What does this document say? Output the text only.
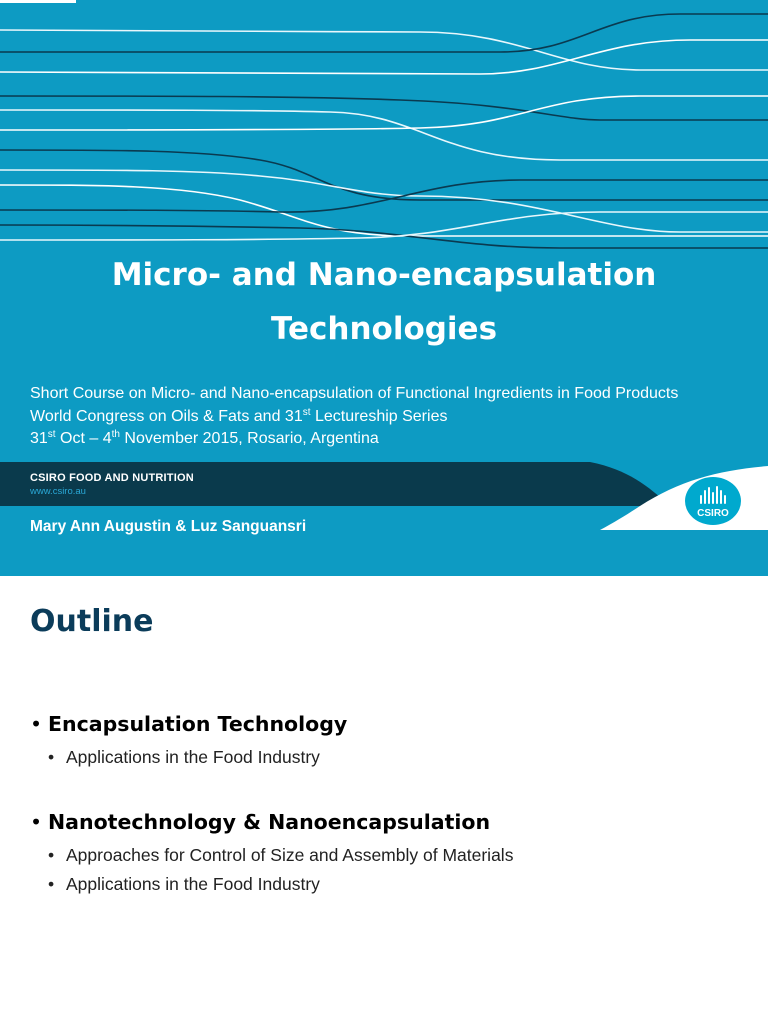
Micro- and Nano-encapsulation
Technologies
Short Course on Micro- and Nano-encapsulation of Functional Ingredients in Food Products
World Congress on Oils & Fats and 31st Lectureship Series
31st Oct – 4th November 2015, Rosario, Argentina
CSIRO FOOD AND NUTRITION
www.csiro.au
Mary Ann Augustin & Luz Sanguansri
CSIRO
Outline
• Encapsulation Technology
• Applications in the Food Industry
• Nanotechnology & Nanoencapsulation
• Approaches for Control of Size and Assembly of Materials
• Applications in the Food Industry
